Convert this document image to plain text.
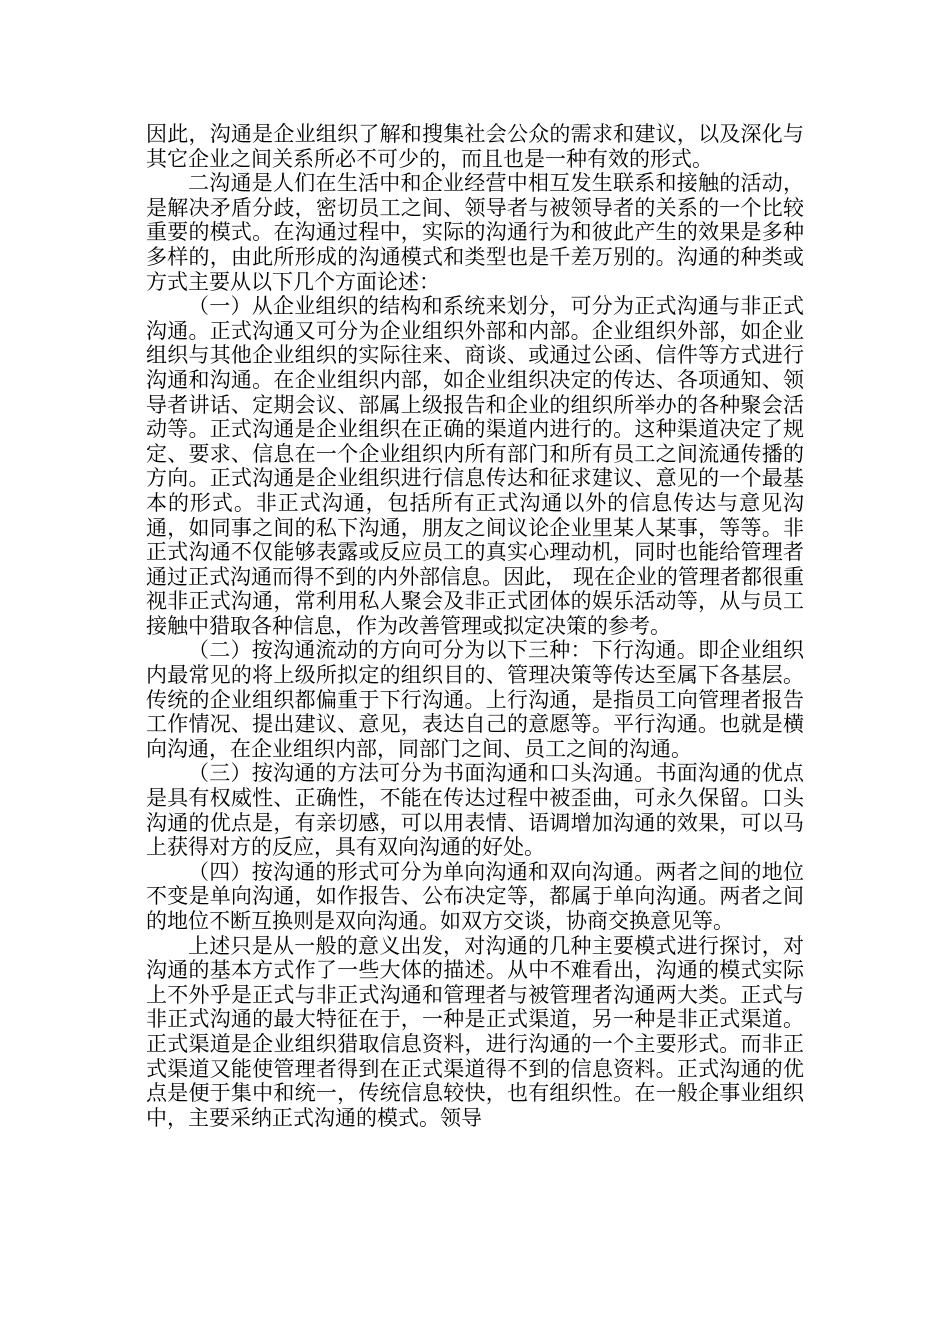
因此，沟通是企业组织了解和搜集社会公众的需求和建议，以及深化与其它企业之间关系所必不可少的，而且也是一种有效的形式。

二沟通是人们在生活中和企业经营中相互发生联系和接触的活动，是解决矛盾分歧，密切员工之间、领导者与被领导者的关系的一个比较重要的模式。在沟通过程中，实际的沟通行为和彼此产生的效果是多种多样的，由此所形成的沟通模式和类型也是千差万别的。沟通的种类或方式主要从以下几个方面论述：

（一）从企业组织的结构和系统来划分，可分为正式沟通与非正式沟通。正式沟通又可分为企业组织外部和内部。企业组织外部，如企业组织与其他企业组织的实际往来、商谈、或通过公函、信件等方式进行沟通和沟通。在企业组织内部，如企业组织决定的传达、各项通知、领导者讲话、定期会议、部属上级报告和企业的组织所举办的各种聚会活动等。正式沟通是企业组织在正确的渠道内进行的。这种渠道决定了规定、要求、信息在一个企业组织内所有部门和所有员工之间流通传播的方向。正式沟通是企业组织进行信息传达和征求建议、意见的一个最基本的形式。非正式沟通，包括所有正式沟通以外的信息传达与意见沟通，如同事之间的私下沟通，朋友之间议论企业里某人某事，等等。非正式沟通不仅能够表露或反应员工的真实心理动机，同时也能给管理者通过正式沟通而得不到的内外部信息。因此， 现在企业的管理者都很重视非正式沟通，常利用私人聚会及非正式团体的娱乐活动等，从与员工接触中猎取各种信息，作为改善管理或拟定决策的参考。

（二）按沟通流动的方向可分为以下三种：下行沟通。即企业组织内最常见的将上级所拟定的组织目的、管理决策等传达至属下各基层。传统的企业组织都偏重于下行沟通。上行沟通，是指员工向管理者报告工作情况、提出建议、意见，表达自己的意愿等。平行沟通。也就是横向沟通，在企业组织内部，同部门之间、员工之间的沟通。

（三）按沟通的方法可分为书面沟通和口头沟通。书面沟通的优点是具有权威性、正确性，不能在传达过程中被歪曲，可永久保留。口头沟通的优点是，有亲切感，可以用表情、语调增加沟通的效果，可以马上获得对方的反应，具有双向沟通的好处。

（四）按沟通的形式可分为单向沟通和双向沟通。两者之间的地位不变是单向沟通，如作报告、公布决定等，都属于单向沟通。两者之间的地位不断互换则是双向沟通。如双方交谈，协商交换意见等。

上述只是从一般的意义出发，对沟通的几种主要模式进行探讨，对沟通的基本方式作了一些大体的描述。从中不难看出，沟通的模式实际上不外乎是正式与非正式沟通和管理者与被管理者沟通两大类。正式与非正式沟通的最大特征在于，一种是正式渠道，另一种是非正式渠道。正式渠道是企业组织猎取信息资料，进行沟通的一个主要形式。而非正式渠道又能使管理者得到在正式渠道得不到的信息资料。正式沟通的优点是便于集中和统一，传统信息较快，也有组织性。在一般企事业组织中，主要采纳正式沟通的模式。领导
